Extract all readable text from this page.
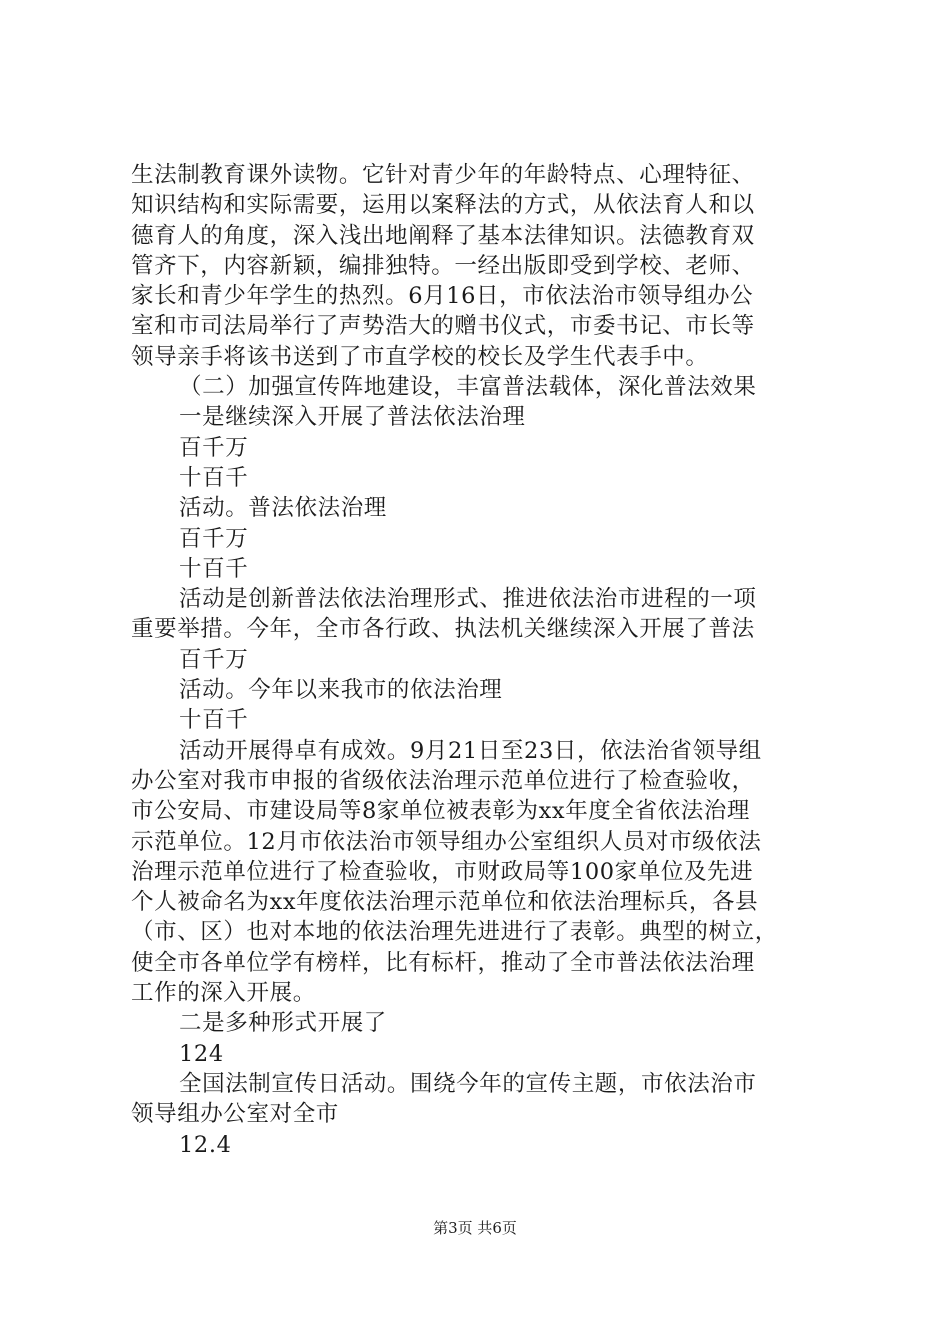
生法制教育课外读物。它针对青少年的年龄特点、心理特征、
知识结构和实际需要，运用以案释法的方式，从依法育人和以
德育人的角度，深入浅出地阐释了基本法律知识。法德教育双
管齐下，内容新颖，编排独特。一经出版即受到学校、老师、
家长和青少年学生的热烈。6月16日，市依法治市领导组办公
室和市司法局举行了声势浩大的赠书仪式，市委书记、市长等
领导亲手将该书送到了市直学校的校长及学生代表手中。
（二）加强宣传阵地建设，丰富普法载体，深化普法效果
一是继续深入开展了普法依法治理
百千万
十百千
活动。普法依法治理
百千万
十百千
活动是创新普法依法治理形式、推进依法治市进程的一项
重要举措。今年，全市各行政、执法机关继续深入开展了普法
百千万
活动。今年以来我市的依法治理
十百千
活动开展得卓有成效。9月21日至23日，依法治省领导组
办公室对我市申报的省级依法治理示范单位进行了检查验收，
市公安局、市建设局等8家单位被表彰为xx年度全省依法治理
示范单位。12月市依法治市领导组办公室组织人员对市级依法
治理示范单位进行了检查验收，市财政局等100家单位及先进
个人被命名为xx年度依法治理示范单位和依法治理标兵，各县
（市、区）也对本地的依法治理先进进行了表彰。典型的树立，
使全市各单位学有榜样，比有标杆，推动了全市普法依法治理
工作的深入开展。
二是多种形式开展了
124
全国法制宣传日活动。围绕今年的宣传主题，市依法治市
领导组办公室对全市
12.4
第3页 共6页
